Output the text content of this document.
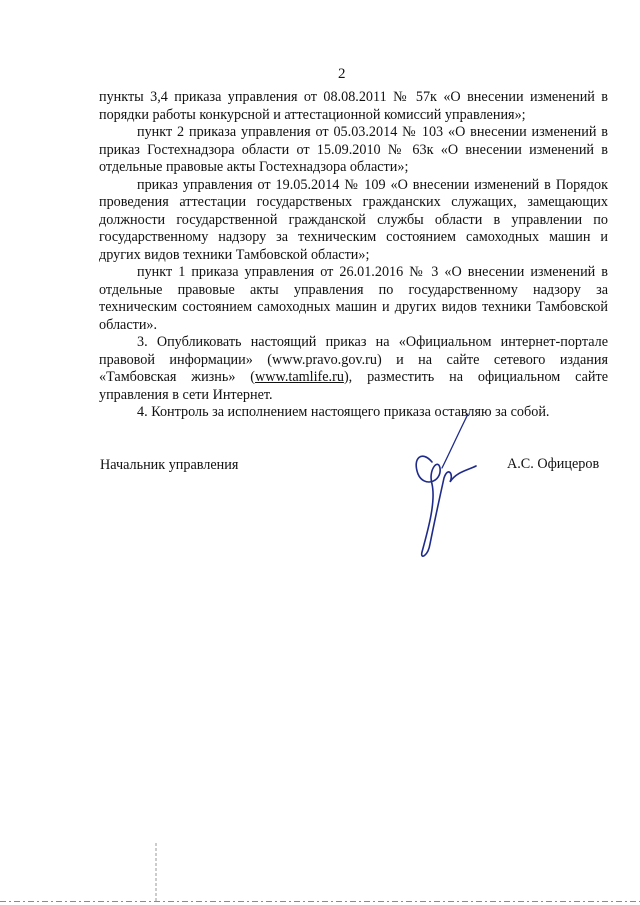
2

пункты 3,4 приказа управления от 08.08.2011 № 57к «О внесении изменений в порядки работы конкурсной и аттестационной комиссий управления»;

пункт 2 приказа управления от 05.03.2014 № 103 «О внесении изменений в приказ Гостехнадзора области от 15.09.2010 № 63к «О внесении изменений в отдельные правовые акты Гостехнадзора области»;

приказ управления от 19.05.2014 № 109 «О внесении изменений в Порядок проведения аттестации государственых гражданских служащих, замещающих должности государственной гражданской службы области в управлении по государственному надзору за техническим состоянием самоходных машин и других видов техники Тамбовской области»;

пункт 1 приказа управления от 26.01.2016 № 3 «О внесении изменений в отдельные правовые акты управления по государственному надзору за техническим состоянием самоходных машин и других видов техники Тамбовской области».

3. Опубликовать настоящий приказ на «Официальном интернет-портале правовой информации» (www.pravo.gov.ru) и на сайте сетевого издания «Тамбовская жизнь» (www.tamlife.ru), разместить на официальном сайте управления в сети Интернет.

4. Контроль за исполнением настоящего приказа оставляю за собой.

Начальник управления	А.С. Офицеров
